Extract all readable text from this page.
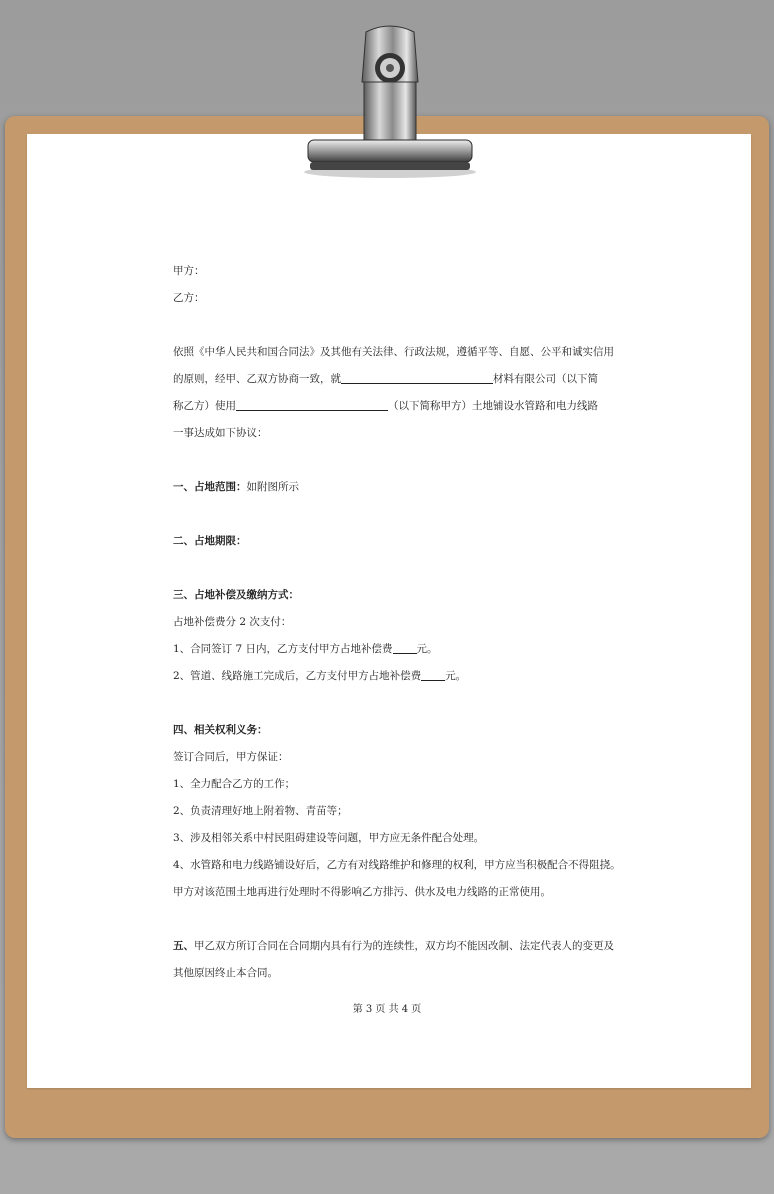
甲方：
乙方：
依照《中华人民共和国合同法》及其他有关法律、行政法规，遵循平等、自愿、公平和诚实信用
的原则，经甲、乙双方协商一致，就	材料有限公司（以下简
称乙方）使用	（以下简称甲方）土地铺设水管路和电力线路
一事达成如下协议：
一、占地范围：如附图所示
二、占地期限：
三、占地补偿及缴纳方式：
占地补偿费分 2 次支付：
1、合同签订 7 日内，乙方支付甲方占地补偿费 元。
2、管道、线路施工完成后，乙方支付甲方占地补偿费 元。
四、相关权利义务：
签订合同后，甲方保证：
1、全力配合乙方的工作；
2、负责清理好地上附着物、青苗等；
3、涉及相邻关系中村民阻碍建设等问题，甲方应无条件配合处理。
4、水管路和电力线路铺设好后，乙方有对线路维护和修理的权利，甲方应当积极配合不得阻挠。
甲方对该范围土地再进行处理时不得影响乙方排污、供水及电力线路的正常使用。
五、甲乙双方所订合同在合同期内具有行为的连续性，双方均不能因改制、法定代表人的变更及
其他原因终止本合同。
第 3 页 共 4 页
